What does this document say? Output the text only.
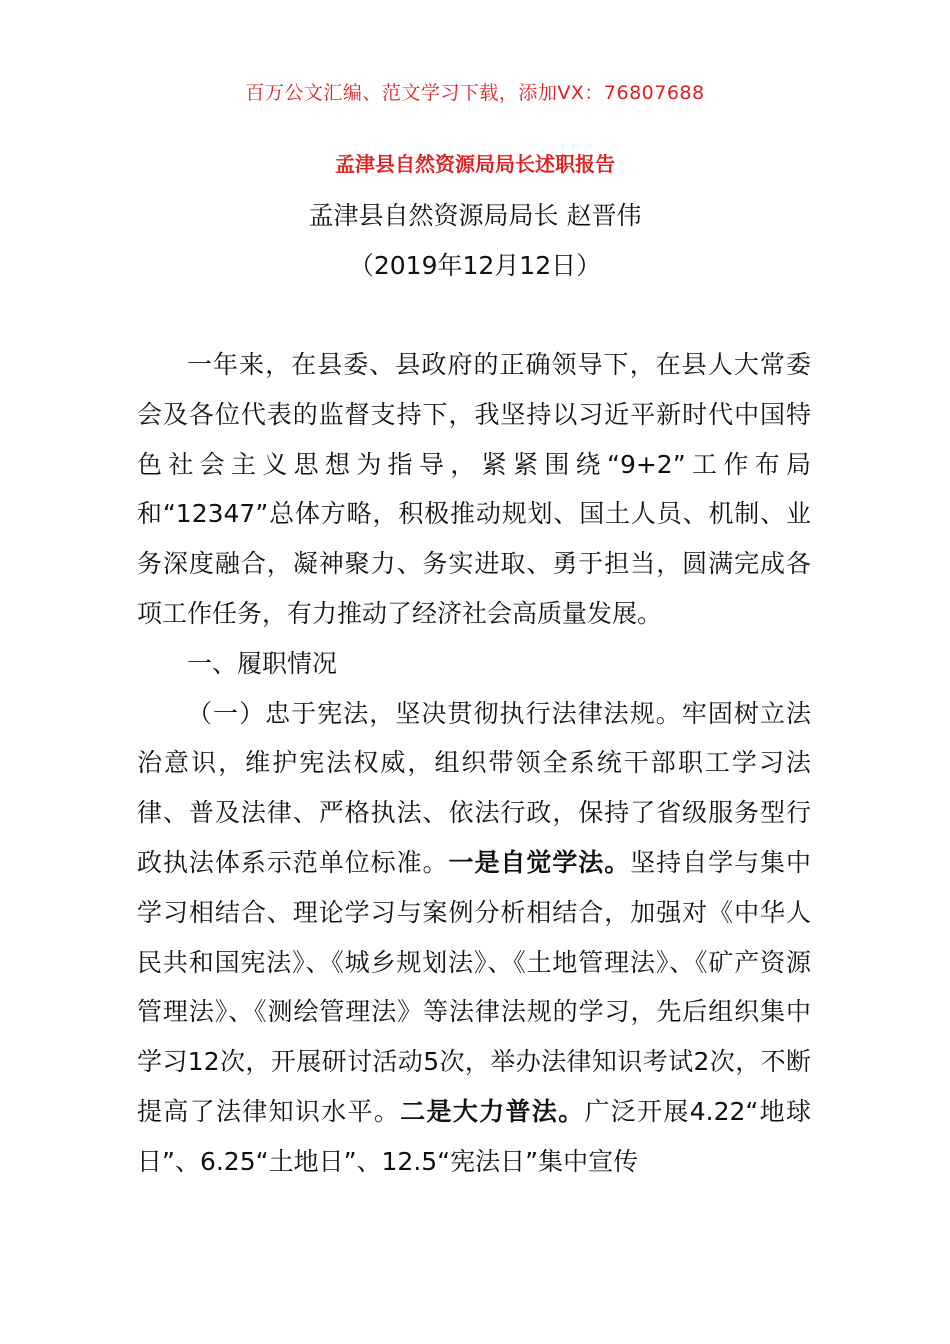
百万公文汇编、范文学习下载，添加VX：76807688
孟津县自然资源局局长述职报告
孟津县自然资源局局长 赵晋伟
（2019年12月12日）

一年来，在县委、县政府的正确领导下，在县人大常委会及各位代表的监督支持下，我坚持以习近平新时代中国特色社会主义思想为指导，紧紧围绕“9+2”工作布局和“12347”总体方略，积极推动规划、国土人员、机制、业务深度融合，凝神聚力、务实进取、勇于担当，圆满完成各项工作任务，有力推动了经济社会高质量发展。

一、履职情况

（一）忠于宪法，坚决贯彻执行法律法规。牢固树立法治意识，维护宪法权威，组织带领全系统干部职工学习法律、普及法律、严格执法、依法行政，保持了省级服务型行政执法体系示范单位标准。一是自觉学法。坚持自学与集中学习相结合、理论学习与案例分析相结合，加强对《中华人民共和国宪法》、《城乡规划法》、《土地管理法》、《矿产资源管理法》、《测绘管理法》等法律法规的学习，先后组织集中学习12次，开展研讨活动5次，举办法律知识考试2次，不断提高了法律知识水平。二是大力普法。广泛开展4.22“地球日”、6.25“土地日”、12.5“宪法日”集中宣传
